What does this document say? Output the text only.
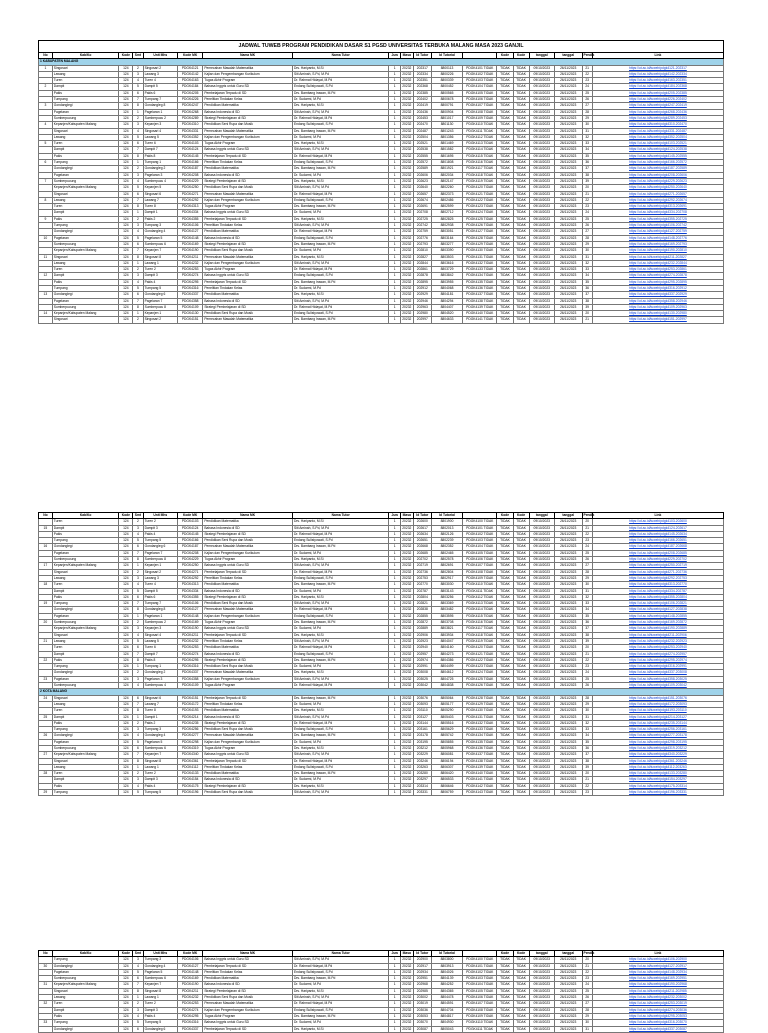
JADWAL TUWEB PROGRAM PENDIDIKAN DASAR S1 PGSD UNIVERSITAS TERBUKA MALANG MASA 2023 GANJIL
No	Kab/Ko	Kode	Smt	Unit Mhs	Kode MK	Nama MK	Nama Tutor	Juw	Masa	Id Tutor	Id Tutorial		Kode	Kode	tanggal	tanggal	Pendik	Link
1 KABUPATEN MALANG																		
1	Singosari	124	2	Singosari 2	PDGK4121	Pemecahan Masalah Matematika	Drs. Hariyanto, M.Si	1	20232	202317	8800113	PDGK4101 TIDAK	TIDAK	TIDAK	09/10/2023	26/11/2023	21	https://ut.ac.id/tuweb/pdgk4121-202317
	Lawang	124	3	Lawang 3	PDGK4142	Kajian dan Pengembangan Kurikulum	Siti Aminah, S.Pd, M.Pd	1	20232	202334	8800226	PDGK4102 TIDAK	TIDAK	TIDAK	09/10/2023	26/11/2023	22	https://ut.ac.id/tuweb/pdgk4142-202334
	Turen	124	4	Turen 4	PDGK4163	Tugas Akhir Program	Dr. Rahmat Hidayat, M.Pd	1	20232	202351	8800339	PDGK4103 TIDAK	TIDAK	TIDAK	09/10/2023	26/11/2023	23	https://ut.ac.id/tuweb/pdgk4163-202351
2	Dampit	124	5	Dampit 5	PDGK4184	Bahasa Inggris untuk Guru SD	Endang Sulistyowati, S.Pd	1	20232	202368	8800452	PDGK4104 TIDAK	TIDAK	TIDAK	09/10/2023	26/11/2023	24	https://ut.ac.id/tuweb/pdgk4184-202368
	Pakis	124	6	Pakis 6	PDGK4205	Pembelajaran Terpadu di SD	Drs. Bambang Irawan, M.Pd	1	20232	202385	8800565	PDGK4105 TIDAK	TIDAK	TIDAK	09/10/2023	26/11/2023	25	https://ut.ac.id/tuweb/pdgk4205-202385
	Tumpang	124	7	Tumpang 7	PDGK4226	Penelitian Tindakan Kelas	Dr. Sudarmi, M.Pd	1	20232	202402	8800678	PDGK4106 TIDAK	TIDAK	TIDAK	09/10/2023	26/11/2023	26	https://ut.ac.id/tuweb/pdgk4226-202402
3	Gondanglegi	124	8	Gondangleg 8	PDGK4247	Pendidikan Matematika	Drs. Hariyanto, M.Si	1	20232	202419	8800791	PDGK4107 TIDAK	TIDAK	TIDAK	09/10/2023	26/11/2023	27	https://ut.ac.id/tuweb/pdgk4247-202419
	Pagelaran	124	1	Pagelaran 1	PDGK4268	Bahasa Indonesia di SD	Siti Aminah, S.Pd, M.Pd	1	20232	202436	8800904	PDGK4108 TIDAK	TIDAK	TIDAK	09/10/2023	26/11/2023	28	https://ut.ac.id/tuweb/pdgk4268-202436
	Sumberpucung	124	2	Sumberpucu 2	PDGK4289	Strategi Pembelajaran di SD	Dr. Rahmat Hidayat, M.Pd	1	20232	202453	8801017	PDGK4109 TIDAK	TIDAK	TIDAK	09/10/2023	26/11/2023	29	https://ut.ac.id/tuweb/pdgk4289-202453
4	Kepanjen/Kabupaten Malang	124	3	Kepanjen 3	PDGK4310	Pendidikan Seni Rupa dan Musik	Endang Sulistyowati, S.Pd	1	20232	202470	8801130	PDGK4110 TIDAK	TIDAK	TIDAK	09/10/2023	26/11/2023	30	https://ut.ac.id/tuweb/pdgk4310-202470
	Singosari	124	4	Singosari 4	PDGK4331	Pemecahan Masalah Matematika	Drs. Bambang Irawan, M.Pd	1	20232	202487	8801243	PDGK4111 TIDAK	TIDAK	TIDAK	09/10/2023	26/11/2023	31	https://ut.ac.id/tuweb/pdgk4331-202487
	Lawang	124	5	Lawang 5	PDGK4352	Kajian dan Pengembangan Kurikulum	Dr. Sudarmi, M.Pd	1	20232	202504	8801356	PDGK4112 TIDAK	TIDAK	TIDAK	09/10/2023	26/11/2023	32	https://ut.ac.id/tuweb/pdgk4352-202504
5	Turen	124	6	Turen 6	PDGK4103	Tugas Akhir Program	Drs. Hariyanto, M.Si	1	20232	202521	8801469	PDGK4113 TIDAK	TIDAK	TIDAK	09/10/2023	26/11/2023	33	https://ut.ac.id/tuweb/pdgk4103-202521
	Dampit	124	7	Dampit 7	PDGK4124	Bahasa Inggris untuk Guru SD	Siti Aminah, S.Pd, M.Pd	1	20232	202538	8801582	PDGK4114 TIDAK	TIDAK	TIDAK	09/10/2023	26/11/2023	34	https://ut.ac.id/tuweb/pdgk4124-202538
	Pakis	124	8	Pakis 8	PDGK4145	Pembelajaran Terpadu di SD	Dr. Rahmat Hidayat, M.Pd	1	20232	202555	8801695	PDGK4115 TIDAK	TIDAK	TIDAK	09/10/2023	26/11/2023	35	https://ut.ac.id/tuweb/pdgk4145-202555
6	Tumpang	124	1	Tumpang 1	PDGK4166	Penelitian Tindakan Kelas	Endang Sulistyowati, S.Pd	1	20232	202572	8801808	PDGK4116 TIDAK	TIDAK	TIDAK	09/10/2023	26/11/2023	36	https://ut.ac.id/tuweb/pdgk4166-202572
	Gondanglegi	124	2	Gondangleg 2	PDGK4187	Pendidikan Matematika	Drs. Bambang Irawan, M.Pd	1	20232	202589	8801921	PDGK4117 TIDAK	TIDAK	TIDAK	09/10/2023	26/11/2023	37	https://ut.ac.id/tuweb/pdgk4187-202589
	Pagelaran	124	3	Pagelaran 3	PDGK4208	Bahasa Indonesia di SD	Dr. Sudarmi, M.Pd	1	20232	202606	8802034	PDGK4118 TIDAK	TIDAK	TIDAK	09/10/2023	26/11/2023	38	https://ut.ac.id/tuweb/pdgk4208-202606
7	Sumberpucung	124	4	Sumberpucu 4	PDGK4229	Strategi Pembelajaran di SD	Drs. Hariyanto, M.Si	1	20232	202623	8802147	PDGK4119 TIDAK	TIDAK	TIDAK	09/10/2023	26/11/2023	39	https://ut.ac.id/tuweb/pdgk4229-202623
	Kepanjen/Kabupaten Malang	124	5	Kepanjen 5	PDGK4250	Pendidikan Seni Rupa dan Musik	Siti Aminah, S.Pd, M.Pd	1	20232	202640	8802260	PDGK4120 TIDAK	TIDAK	TIDAK	09/10/2023	26/11/2023	20	https://ut.ac.id/tuweb/pdgk4250-202640
	Singosari	124	6	Singosari 6	PDGK4271	Pemecahan Masalah Matematika	Dr. Rahmat Hidayat, M.Pd	1	20232	202657	8802373	PDGK4121 TIDAK	TIDAK	TIDAK	09/10/2023	26/11/2023	21	https://ut.ac.id/tuweb/pdgk4271-202657
8	Lawang	124	7	Lawang 7	PDGK4292	Kajian dan Pengembangan Kurikulum	Endang Sulistyowati, S.Pd	1	20232	202674	8802486	PDGK4122 TIDAK	TIDAK	TIDAK	09/10/2023	26/11/2023	22	https://ut.ac.id/tuweb/pdgk4292-202674
	Turen	124	8	Turen 8	PDGK4313	Tugas Akhir Program	Drs. Bambang Irawan, M.Pd	1	20232	202691	8802599	PDGK4123 TIDAK	TIDAK	TIDAK	09/10/2023	26/11/2023	23	https://ut.ac.id/tuweb/pdgk4313-202691
	Dampit	124	1	Dampit 1	PDGK4334	Bahasa Inggris untuk Guru SD	Dr. Sudarmi, M.Pd	1	20232	202708	8802712	PDGK4124 TIDAK	TIDAK	TIDAK	09/10/2023	26/11/2023	24	https://ut.ac.id/tuweb/pdgk4334-202708
9	Pakis	124	2	Pakis 2	PDGK4355	Pembelajaran Terpadu di SD	Drs. Hariyanto, M.Si	1	20232	202725	8802825	PDGK4125 TIDAK	TIDAK	TIDAK	09/10/2023	26/11/2023	25	https://ut.ac.id/tuweb/pdgk4355-202725
	Tumpang	124	3	Tumpang 3	PDGK4106	Penelitian Tindakan Kelas	Siti Aminah, S.Pd, M.Pd	1	20232	202742	8802938	PDGK4126 TIDAK	TIDAK	TIDAK	09/10/2023	26/11/2023	26	https://ut.ac.id/tuweb/pdgk4106-202742
	Gondanglegi	124	4	Gondangleg 4	PDGK4127	Pendidikan Matematika	Dr. Rahmat Hidayat, M.Pd	1	20232	202759	8803051	PDGK4127 TIDAK	TIDAK	TIDAK	09/10/2023	26/11/2023	27	https://ut.ac.id/tuweb/pdgk4127-202759
10	Pagelaran	124	5	Pagelaran 5	PDGK4148	Bahasa Indonesia di SD	Endang Sulistyowati, S.Pd	1	20232	202776	8803164	PDGK4128 TIDAK	TIDAK	TIDAK	09/10/2023	26/11/2023	28	https://ut.ac.id/tuweb/pdgk4148-202776
	Sumberpucung	124	6	Sumberpucu 6	PDGK4169	Strategi Pembelajaran di SD	Drs. Bambang Irawan, M.Pd	1	20232	202793	8803277	PDGK4129 TIDAK	TIDAK	TIDAK	09/10/2023	26/11/2023	29	https://ut.ac.id/tuweb/pdgk4169-202793
	Kepanjen/Kabupaten Malang	124	7	Kepanjen 7	PDGK4190	Pendidikan Seni Rupa dan Musik	Dr. Sudarmi, M.Pd	1	20232	202810	8803390	PDGK4130 TIDAK	TIDAK	TIDAK	09/10/2023	26/11/2023	30	https://ut.ac.id/tuweb/pdgk4190-202810
11	Singosari	124	8	Singosari 8	PDGK4211	Pemecahan Masalah Matematika	Drs. Hariyanto, M.Si	1	20232	202827	8803503	PDGK4131 TIDAK	TIDAK	TIDAK	09/10/2023	26/11/2023	31	https://ut.ac.id/tuweb/pdgk4211-202827
	Lawang	124	1	Lawang 1	PDGK4232	Kajian dan Pengembangan Kurikulum	Siti Aminah, S.Pd, M.Pd	1	20232	202844	8803616	PDGK4132 TIDAK	TIDAK	TIDAK	09/10/2023	26/11/2023	32	https://ut.ac.id/tuweb/pdgk4232-202844
	Turen	124	2	Turen 2	PDGK4253	Tugas Akhir Program	Dr. Rahmat Hidayat, M.Pd	1	20232	202861	8803729	PDGK4133 TIDAK	TIDAK	TIDAK	09/10/2023	26/11/2023	33	https://ut.ac.id/tuweb/pdgk4253-202861
12	Dampit	124	3	Dampit 3	PDGK4274	Bahasa Inggris untuk Guru SD	Endang Sulistyowati, S.Pd	1	20232	202878	8803842	PDGK4134 TIDAK	TIDAK	TIDAK	09/10/2023	26/11/2023	34	https://ut.ac.id/tuweb/pdgk4274-202878
	Pakis	124	4	Pakis 4	PDGK4295	Pembelajaran Terpadu di SD	Drs. Bambang Irawan, M.Pd	1	20232	202895	8803955	PDGK4135 TIDAK	TIDAK	TIDAK	09/10/2023	26/11/2023	35	https://ut.ac.id/tuweb/pdgk4295-202895
	Tumpang	124	5	Tumpang 5	PDGK4316	Penelitian Tindakan Kelas	Dr. Sudarmi, M.Pd	1	20232	202912	8804068	PDGK4136 TIDAK	TIDAK	TIDAK	09/10/2023	26/11/2023	36	https://ut.ac.id/tuweb/pdgk4316-202912
13	Gondanglegi	124	6	Gondangleg 6	PDGK4337	Pendidikan Matematika	Drs. Hariyanto, M.Si	1	20232	202929	8804181	PDGK4137 TIDAK	TIDAK	TIDAK	09/10/2023	26/11/2023	37	https://ut.ac.id/tuweb/pdgk4337-202929
	Pagelaran	124	7	Pagelaran 7	PDGK4358	Bahasa Indonesia di SD	Siti Aminah, S.Pd, M.Pd	1	20232	202946	8804294	PDGK4138 TIDAK	TIDAK	TIDAK	09/10/2023	26/11/2023	38	https://ut.ac.id/tuweb/pdgk4358-202946
	Sumberpucung	124	8	Sumberpucu 8	PDGK4109	Strategi Pembelajaran di SD	Dr. Rahmat Hidayat, M.Pd	1	20232	202963	8804407	PDGK4139 TIDAK	TIDAK	TIDAK	09/10/2023	26/11/2023	39	https://ut.ac.id/tuweb/pdgk4109-202963
14	Kepanjen/Kabupaten Malang	124	1	Kepanjen 1	PDGK4130	Pendidikan Seni Rupa dan Musik	Endang Sulistyowati, S.Pd	1	20232	202980	8804520	PDGK4140 TIDAK	TIDAK	TIDAK	09/10/2023	26/11/2023	20	https://ut.ac.id/tuweb/pdgk4130-202980
	Singosari	124	2	Singosari 2	PDGK4151	Pemecahan Masalah Matematika	Drs. Bambang Irawan, M.Pd	1	20232	202997	8804633	PDGK4141 TIDAK	TIDAK	TIDAK	09/10/2023	26/11/2023	21	https://ut.ac.id/tuweb/pdgk4151-202997
No	Kab/Ko	Kode	Smt	Unit Mhs	Kode MK	Nama MK	Nama Tutor	Juw	Masa	Id Tutor	Id Tutorial		Kode	Kode	tanggal	tanggal	Pendik	Link
	Turen	124	2	Turen 2	PDGK4103	Pendidikan Matematika	Drs. Hariyanto, M.Si	1	20232	202600	8801900	PDGK4100 TIDAK	TIDAK	TIDAK	09/10/2023	26/11/2023	20	https://ut.ac.id/tuweb/pdgk4103-202600
15	Dampit	124	3	Dampit 3	PDGK4124	Bahasa Indonesia di SD	Siti Aminah, S.Pd, M.Pd	1	20232	202617	8802013	PDGK4101 TIDAK	TIDAK	TIDAK	09/10/2023	26/11/2023	21	https://ut.ac.id/tuweb/pdgk4124-202617
	Pakis	124	4	Pakis 4	PDGK4145	Strategi Pembelajaran di SD	Dr. Rahmat Hidayat, M.Pd	1	20232	202634	8802126	PDGK4102 TIDAK	TIDAK	TIDAK	09/10/2023	26/11/2023	22	https://ut.ac.id/tuweb/pdgk4145-202634
	Tumpang	124	5	Tumpang 5	PDGK4166	Pendidikan Seni Rupa dan Musik	Endang Sulistyowati, S.Pd	1	20232	202651	8802239	PDGK4103 TIDAK	TIDAK	TIDAK	09/10/2023	26/11/2023	23	https://ut.ac.id/tuweb/pdgk4166-202651
16	Gondanglegi	124	6	Gondangleg 6	PDGK4187	Pemecahan Masalah Matematika	Drs. Bambang Irawan, M.Pd	1	20232	202668	8802352	PDGK4104 TIDAK	TIDAK	TIDAK	09/10/2023	26/11/2023	24	https://ut.ac.id/tuweb/pdgk4187-202668
	Pagelaran	124	7	Pagelaran 7	PDGK4208	Kajian dan Pengembangan Kurikulum	Dr. Sudarmi, M.Pd	1	20232	202685	8802465	PDGK4105 TIDAK	TIDAK	TIDAK	09/10/2023	26/11/2023	25	https://ut.ac.id/tuweb/pdgk4208-202685
	Sumberpucung	124	8	Sumberpucu 8	PDGK4229	Tugas Akhir Program	Drs. Hariyanto, M.Si	1	20232	202702	8802578	PDGK4106 TIDAK	TIDAK	TIDAK	09/10/2023	26/11/2023	26	https://ut.ac.id/tuweb/pdgk4229-202702
17	Kepanjen/Kabupaten Malang	124	1	Kepanjen 1	PDGK4250	Bahasa Inggris untuk Guru SD	Siti Aminah, S.Pd, M.Pd	1	20232	202719	8802691	PDGK4107 TIDAK	TIDAK	TIDAK	09/10/2023	26/11/2023	27	https://ut.ac.id/tuweb/pdgk4250-202719
	Singosari	124	2	Singosari 2	PDGK4271	Pembelajaran Terpadu di SD	Dr. Rahmat Hidayat, M.Pd	1	20232	202736	8802804	PDGK4108 TIDAK	TIDAK	TIDAK	09/10/2023	26/11/2023	28	https://ut.ac.id/tuweb/pdgk4271-202736
	Lawang	124	3	Lawang 3	PDGK4292	Penelitian Tindakan Kelas	Endang Sulistyowati, S.Pd	1	20232	202753	8802917	PDGK4109 TIDAK	TIDAK	TIDAK	09/10/2023	26/11/2023	29	https://ut.ac.id/tuweb/pdgk4292-202753
18	Turen	124	4	Turen 4	PDGK4313	Pendidikan Matematika	Drs. Bambang Irawan, M.Pd	1	20232	202770	8803030	PDGK4110 TIDAK	TIDAK	TIDAK	09/10/2023	26/11/2023	30	https://ut.ac.id/tuweb/pdgk4313-202770
	Dampit	124	5	Dampit 5	PDGK4334	Bahasa Indonesia di SD	Dr. Sudarmi, M.Pd	1	20232	202787	8803143	PDGK4111 TIDAK	TIDAK	TIDAK	09/10/2023	26/11/2023	31	https://ut.ac.id/tuweb/pdgk4334-202787
	Pakis	124	6	Pakis 6	PDGK4355	Strategi Pembelajaran di SD	Drs. Hariyanto, M.Si	1	20232	202804	8803256	PDGK4112 TIDAK	TIDAK	TIDAK	09/10/2023	26/11/2023	32	https://ut.ac.id/tuweb/pdgk4355-202804
19	Tumpang	124	7	Tumpang 7	PDGK4106	Pendidikan Seni Rupa dan Musik	Siti Aminah, S.Pd, M.Pd	1	20232	202821	8803369	PDGK4113 TIDAK	TIDAK	TIDAK	09/10/2023	26/11/2023	33	https://ut.ac.id/tuweb/pdgk4106-202821
	Gondanglegi	124	8	Gondangleg 8	PDGK4127	Pemecahan Masalah Matematika	Dr. Rahmat Hidayat, M.Pd	1	20232	202838	8803482	PDGK4114 TIDAK	TIDAK	TIDAK	09/10/2023	26/11/2023	34	https://ut.ac.id/tuweb/pdgk4127-202838
	Pagelaran	124	1	Pagelaran 1	PDGK4148	Kajian dan Pengembangan Kurikulum	Endang Sulistyowati, S.Pd	1	20232	202855	8803595	PDGK4115 TIDAK	TIDAK	TIDAK	09/10/2023	26/11/2023	35	https://ut.ac.id/tuweb/pdgk4148-202855
20	Sumberpucung	124	2	Sumberpucu 2	PDGK4169	Tugas Akhir Program	Drs. Bambang Irawan, M.Pd	1	20232	202872	8803708	PDGK4116 TIDAK	TIDAK	TIDAK	09/10/2023	26/11/2023	36	https://ut.ac.id/tuweb/pdgk4169-202872
	Kepanjen/Kabupaten Malang	124	3	Kepanjen 3	PDGK4190	Bahasa Inggris untuk Guru SD	Dr. Sudarmi, M.Pd	1	20232	202889	8803821	PDGK4117 TIDAK	TIDAK	TIDAK	09/10/2023	26/11/2023	37	https://ut.ac.id/tuweb/pdgk4190-202889
	Singosari	124	4	Singosari 4	PDGK4211	Pembelajaran Terpadu di SD	Drs. Hariyanto, M.Si	1	20232	202906	8803934	PDGK4118 TIDAK	TIDAK	TIDAK	09/10/2023	26/11/2023	38	https://ut.ac.id/tuweb/pdgk4211-202906
21	Lawang	124	5	Lawang 5	PDGK4232	Penelitian Tindakan Kelas	Siti Aminah, S.Pd, M.Pd	1	20232	202923	8804047	PDGK4119 TIDAK	TIDAK	TIDAK	09/10/2023	26/11/2023	39	https://ut.ac.id/tuweb/pdgk4232-202923
	Turen	124	6	Turen 6	PDGK4253	Pendidikan Matematika	Dr. Rahmat Hidayat, M.Pd	1	20232	202940	8804160	PDGK4120 TIDAK	TIDAK	TIDAK	09/10/2023	26/11/2023	20	https://ut.ac.id/tuweb/pdgk4253-202940
	Dampit	124	7	Dampit 7	PDGK4274	Bahasa Indonesia di SD	Endang Sulistyowati, S.Pd	1	20232	202957	8804273	PDGK4121 TIDAK	TIDAK	TIDAK	09/10/2023	26/11/2023	21	https://ut.ac.id/tuweb/pdgk4274-202957
22	Pakis	124	8	Pakis 8	PDGK4295	Strategi Pembelajaran di SD	Drs. Bambang Irawan, M.Pd	1	20232	202974	8804386	PDGK4122 TIDAK	TIDAK	TIDAK	09/10/2023	26/11/2023	22	https://ut.ac.id/tuweb/pdgk4295-202974
	Tumpang	124	1	Tumpang 1	PDGK4316	Pendidikan Seni Rupa dan Musik	Dr. Sudarmi, M.Pd	1	20232	202991	8804499	PDGK4123 TIDAK	TIDAK	TIDAK	09/10/2023	26/11/2023	23	https://ut.ac.id/tuweb/pdgk4316-202991
	Gondanglegi	124	2	Gondangleg 2	PDGK4337	Pemecahan Masalah Matematika	Drs. Hariyanto, M.Si	1	20232	203008	8804612	PDGK4124 TIDAK	TIDAK	TIDAK	09/10/2023	26/11/2023	24	https://ut.ac.id/tuweb/pdgk4337-203008
23	Pagelaran	124	3	Pagelaran 3	PDGK4358	Kajian dan Pengembangan Kurikulum	Siti Aminah, S.Pd, M.Pd	1	20232	203025	8804725	PDGK4125 TIDAK	TIDAK	TIDAK	09/10/2023	26/11/2023	25	https://ut.ac.id/tuweb/pdgk4358-203025
	Sumberpucung	124	4	Sumberpucu 4	PDGK4109	Tugas Akhir Program	Dr. Rahmat Hidayat, M.Pd	1	20232	203042	8804838	PDGK4126 TIDAK	TIDAK	TIDAK	09/10/2023	26/11/2023	26	https://ut.ac.id/tuweb/pdgk4109-203042
2 KOTA MALANG																		
24	Singosari	124	6	Singosari 6	PDGK4151	Pembelajaran Terpadu di SD	Drs. Bambang Irawan, M.Pd	1	20232	203076	8805064	PDGK4128 TIDAK	TIDAK	TIDAK	09/10/2023	26/11/2023	28	https://ut.ac.id/tuweb/pdgk4151-203076
	Lawang	124	7	Lawang 7	PDGK4172	Penelitian Tindakan Kelas	Dr. Sudarmi, M.Pd	1	20232	203093	8805177	PDGK4129 TIDAK	TIDAK	TIDAK	09/10/2023	26/11/2023	29	https://ut.ac.id/tuweb/pdgk4172-203093
	Turen	124	8	Turen 8	PDGK4193	Pendidikan Matematika	Drs. Hariyanto, M.Si	1	20232	203110	8805290	PDGK4130 TIDAK	TIDAK	TIDAK	09/10/2023	26/11/2023	30	https://ut.ac.id/tuweb/pdgk4193-203110
25	Dampit	124	1	Dampit 1	PDGK4214	Bahasa Indonesia di SD	Siti Aminah, S.Pd, M.Pd	1	20232	203127	8805403	PDGK4131 TIDAK	TIDAK	TIDAK	09/10/2023	26/11/2023	31	https://ut.ac.id/tuweb/pdgk4214-203127
	Pakis	124	2	Pakis 2	PDGK4235	Strategi Pembelajaran di SD	Dr. Rahmat Hidayat, M.Pd	1	20232	203144	8805516	PDGK4132 TIDAK	TIDAK	TIDAK	09/10/2023	26/11/2023	32	https://ut.ac.id/tuweb/pdgk4235-203144
	Tumpang	124	3	Tumpang 3	PDGK4256	Pendidikan Seni Rupa dan Musik	Endang Sulistyowati, S.Pd	1	20232	203161	8805629	PDGK4133 TIDAK	TIDAK	TIDAK	09/10/2023	26/11/2023	33	https://ut.ac.id/tuweb/pdgk4256-203161
26	Gondanglegi	124	4	Gondangleg 4	PDGK4277	Pemecahan Masalah Matematika	Drs. Bambang Irawan, M.Pd	1	20232	203178	8805742	PDGK4134 TIDAK	TIDAK	TIDAK	09/10/2023	26/11/2023	34	https://ut.ac.id/tuweb/pdgk4277-203178
	Pagelaran	124	5	Pagelaran 5	PDGK4298	Kajian dan Pengembangan Kurikulum	Dr. Sudarmi, M.Pd	1	20232	203195	8805855	PDGK4135 TIDAK	TIDAK	TIDAK	09/10/2023	26/11/2023	35	https://ut.ac.id/tuweb/pdgk4298-203195
	Sumberpucung	124	6	Sumberpucu 6	PDGK4319	Tugas Akhir Program	Drs. Hariyanto, M.Si	1	20232	203212	8805968	PDGK4136 TIDAK	TIDAK	TIDAK	09/10/2023	26/11/2023	36	https://ut.ac.id/tuweb/pdgk4319-203212
27	Kepanjen/Kabupaten Malang	124	7	Kepanjen 7	PDGK4340	Bahasa Inggris untuk Guru SD	Siti Aminah, S.Pd, M.Pd	1	20232	203229	8806081	PDGK4137 TIDAK	TIDAK	TIDAK	09/10/2023	26/11/2023	37	https://ut.ac.id/tuweb/pdgk4340-203229
	Singosari	124	8	Singosari 8	PDGK4361	Pembelajaran Terpadu di SD	Dr. Rahmat Hidayat, M.Pd	1	20232	203246	8806194	PDGK4138 TIDAK	TIDAK	TIDAK	09/10/2023	26/11/2023	38	https://ut.ac.id/tuweb/pdgk4361-203246
	Lawang	124	1	Lawang 1	PDGK4112	Penelitian Tindakan Kelas	Endang Sulistyowati, S.Pd	1	20232	203263	8806307	PDGK4139 TIDAK	TIDAK	TIDAK	09/10/2023	26/11/2023	39	https://ut.ac.id/tuweb/pdgk4112-203263
28	Turen	124	2	Turen 2	PDGK4133	Pendidikan Matematika	Drs. Bambang Irawan, M.Pd	1	20232	203280	8806420	PDGK4140 TIDAK	TIDAK	TIDAK	09/10/2023	26/11/2023	20	https://ut.ac.id/tuweb/pdgk4133-203280
	Dampit	124	3	Dampit 3	PDGK4154	Bahasa Indonesia di SD	Dr. Sudarmi, M.Pd	1	20232	203297	8806533	PDGK4141 TIDAK	TIDAK	TIDAK	09/10/2023	26/11/2023	21	https://ut.ac.id/tuweb/pdgk4154-203297
	Pakis	124	4	Pakis 4	PDGK4175	Strategi Pembelajaran di SD	Drs. Hariyanto, M.Si	1	20232	203314	8806646	PDGK4142 TIDAK	TIDAK	TIDAK	09/10/2023	26/11/2023	22	https://ut.ac.id/tuweb/pdgk4175-203314
29	Tumpang	124	5	Tumpang 5	PDGK4196	Pendidikan Seni Rupa dan Musik	Siti Aminah, S.Pd, M.Pd	1	20232	203331	8806759	PDGK4143 TIDAK	TIDAK	TIDAK	09/10/2023	26/11/2023	23	https://ut.ac.id/tuweb/pdgk4196-203331
No	Kab/Ko	Kode	Smt	Unit Mhs	Kode MK	Nama MK	Nama Tutor	Juw	Masa	Id Tutor	Id Tutorial		Kode	Kode	tanggal	tanggal	Pendik	Link
	Tumpang	124	3	Tumpang 3	PDGK4106	Bahasa Inggris untuk Guru SD	Siti Aminah, S.Pd, M.Pd	1	20232	202900	8803800	PDGK4100 TIDAK	TIDAK	TIDAK	09/10/2023	26/11/2023	20	https://ut.ac.id/tuweb/pdgk4106-202900
30	Gondanglegi	124	4	Gondangleg 4	PDGK4127	Pembelajaran Terpadu di SD	Dr. Rahmat Hidayat, M.Pd	1	20232	202917	8803913	PDGK4101 TIDAK	TIDAK	TIDAK	09/10/2023	26/11/2023	21	https://ut.ac.id/tuweb/pdgk4127-202917
	Pagelaran	124	5	Pagelaran 5	PDGK4148	Penelitian Tindakan Kelas	Endang Sulistyowati, S.Pd	1	20232	202934	8804026	PDGK4102 TIDAK	TIDAK	TIDAK	09/10/2023	26/11/2023	22	https://ut.ac.id/tuweb/pdgk4148-202934
	Sumberpucung	124	6	Sumberpucu 6	PDGK4169	Pendidikan Matematika	Drs. Bambang Irawan, M.Pd	1	20232	202951	8804139	PDGK4103 TIDAK	TIDAK	TIDAK	09/10/2023	26/11/2023	23	https://ut.ac.id/tuweb/pdgk4169-202951
31	Kepanjen/Kabupaten Malang	124	7	Kepanjen 7	PDGK4190	Bahasa Indonesia di SD	Dr. Sudarmi, M.Pd	1	20232	202968	8804252	PDGK4104 TIDAK	TIDAK	TIDAK	09/10/2023	26/11/2023	24	https://ut.ac.id/tuweb/pdgk4190-202968
	Singosari	124	8	Singosari 8	PDGK4211	Strategi Pembelajaran di SD	Drs. Hariyanto, M.Si	1	20232	202985	8804365	PDGK4105 TIDAK	TIDAK	TIDAK	09/10/2023	26/11/2023	25	https://ut.ac.id/tuweb/pdgk4211-202985
	Lawang	124	1	Lawang 1	PDGK4232	Pendidikan Seni Rupa dan Musik	Siti Aminah, S.Pd, M.Pd	1	20232	203002	8804478	PDGK4106 TIDAK	TIDAK	TIDAK	09/10/2023	26/11/2023	26	https://ut.ac.id/tuweb/pdgk4232-203002
32	Turen	124	2	Turen 2	PDGK4253	Pemecahan Masalah Matematika	Dr. Rahmat Hidayat, M.Pd	1	20232	203019	8804591	PDGK4107 TIDAK	TIDAK	TIDAK	09/10/2023	26/11/2023	27	https://ut.ac.id/tuweb/pdgk4253-203019
	Dampit	124	3	Dampit 3	PDGK4274	Kajian dan Pengembangan Kurikulum	Endang Sulistyowati, S.Pd	1	20232	203036	8804704	PDGK4108 TIDAK	TIDAK	TIDAK	09/10/2023	26/11/2023	28	https://ut.ac.id/tuweb/pdgk4274-203036
	Pakis	124	4	Pakis 4	PDGK4295	Tugas Akhir Program	Drs. Bambang Irawan, M.Pd	1	20232	203053	8804817	PDGK4109 TIDAK	TIDAK	TIDAK	09/10/2023	26/11/2023	29	https://ut.ac.id/tuweb/pdgk4295-203053
33	Tumpang	124	5	Tumpang 5	PDGK4316	Bahasa Inggris untuk Guru SD	Dr. Sudarmi, M.Pd	1	20232	203070	8804930	PDGK4110 TIDAK	TIDAK	TIDAK	09/10/2023	26/11/2023	30	https://ut.ac.id/tuweb/pdgk4316-203070
	Gondanglegi	124	6	Gondangleg 6	PDGK4337	Pembelajaran Terpadu di SD	Drs. Hariyanto, M.Si	1	20232	203087	8805043	PDGK4111 TIDAK	TIDAK	TIDAK	09/10/2023	26/11/2023	31	https://ut.ac.id/tuweb/pdgk4337-203087
